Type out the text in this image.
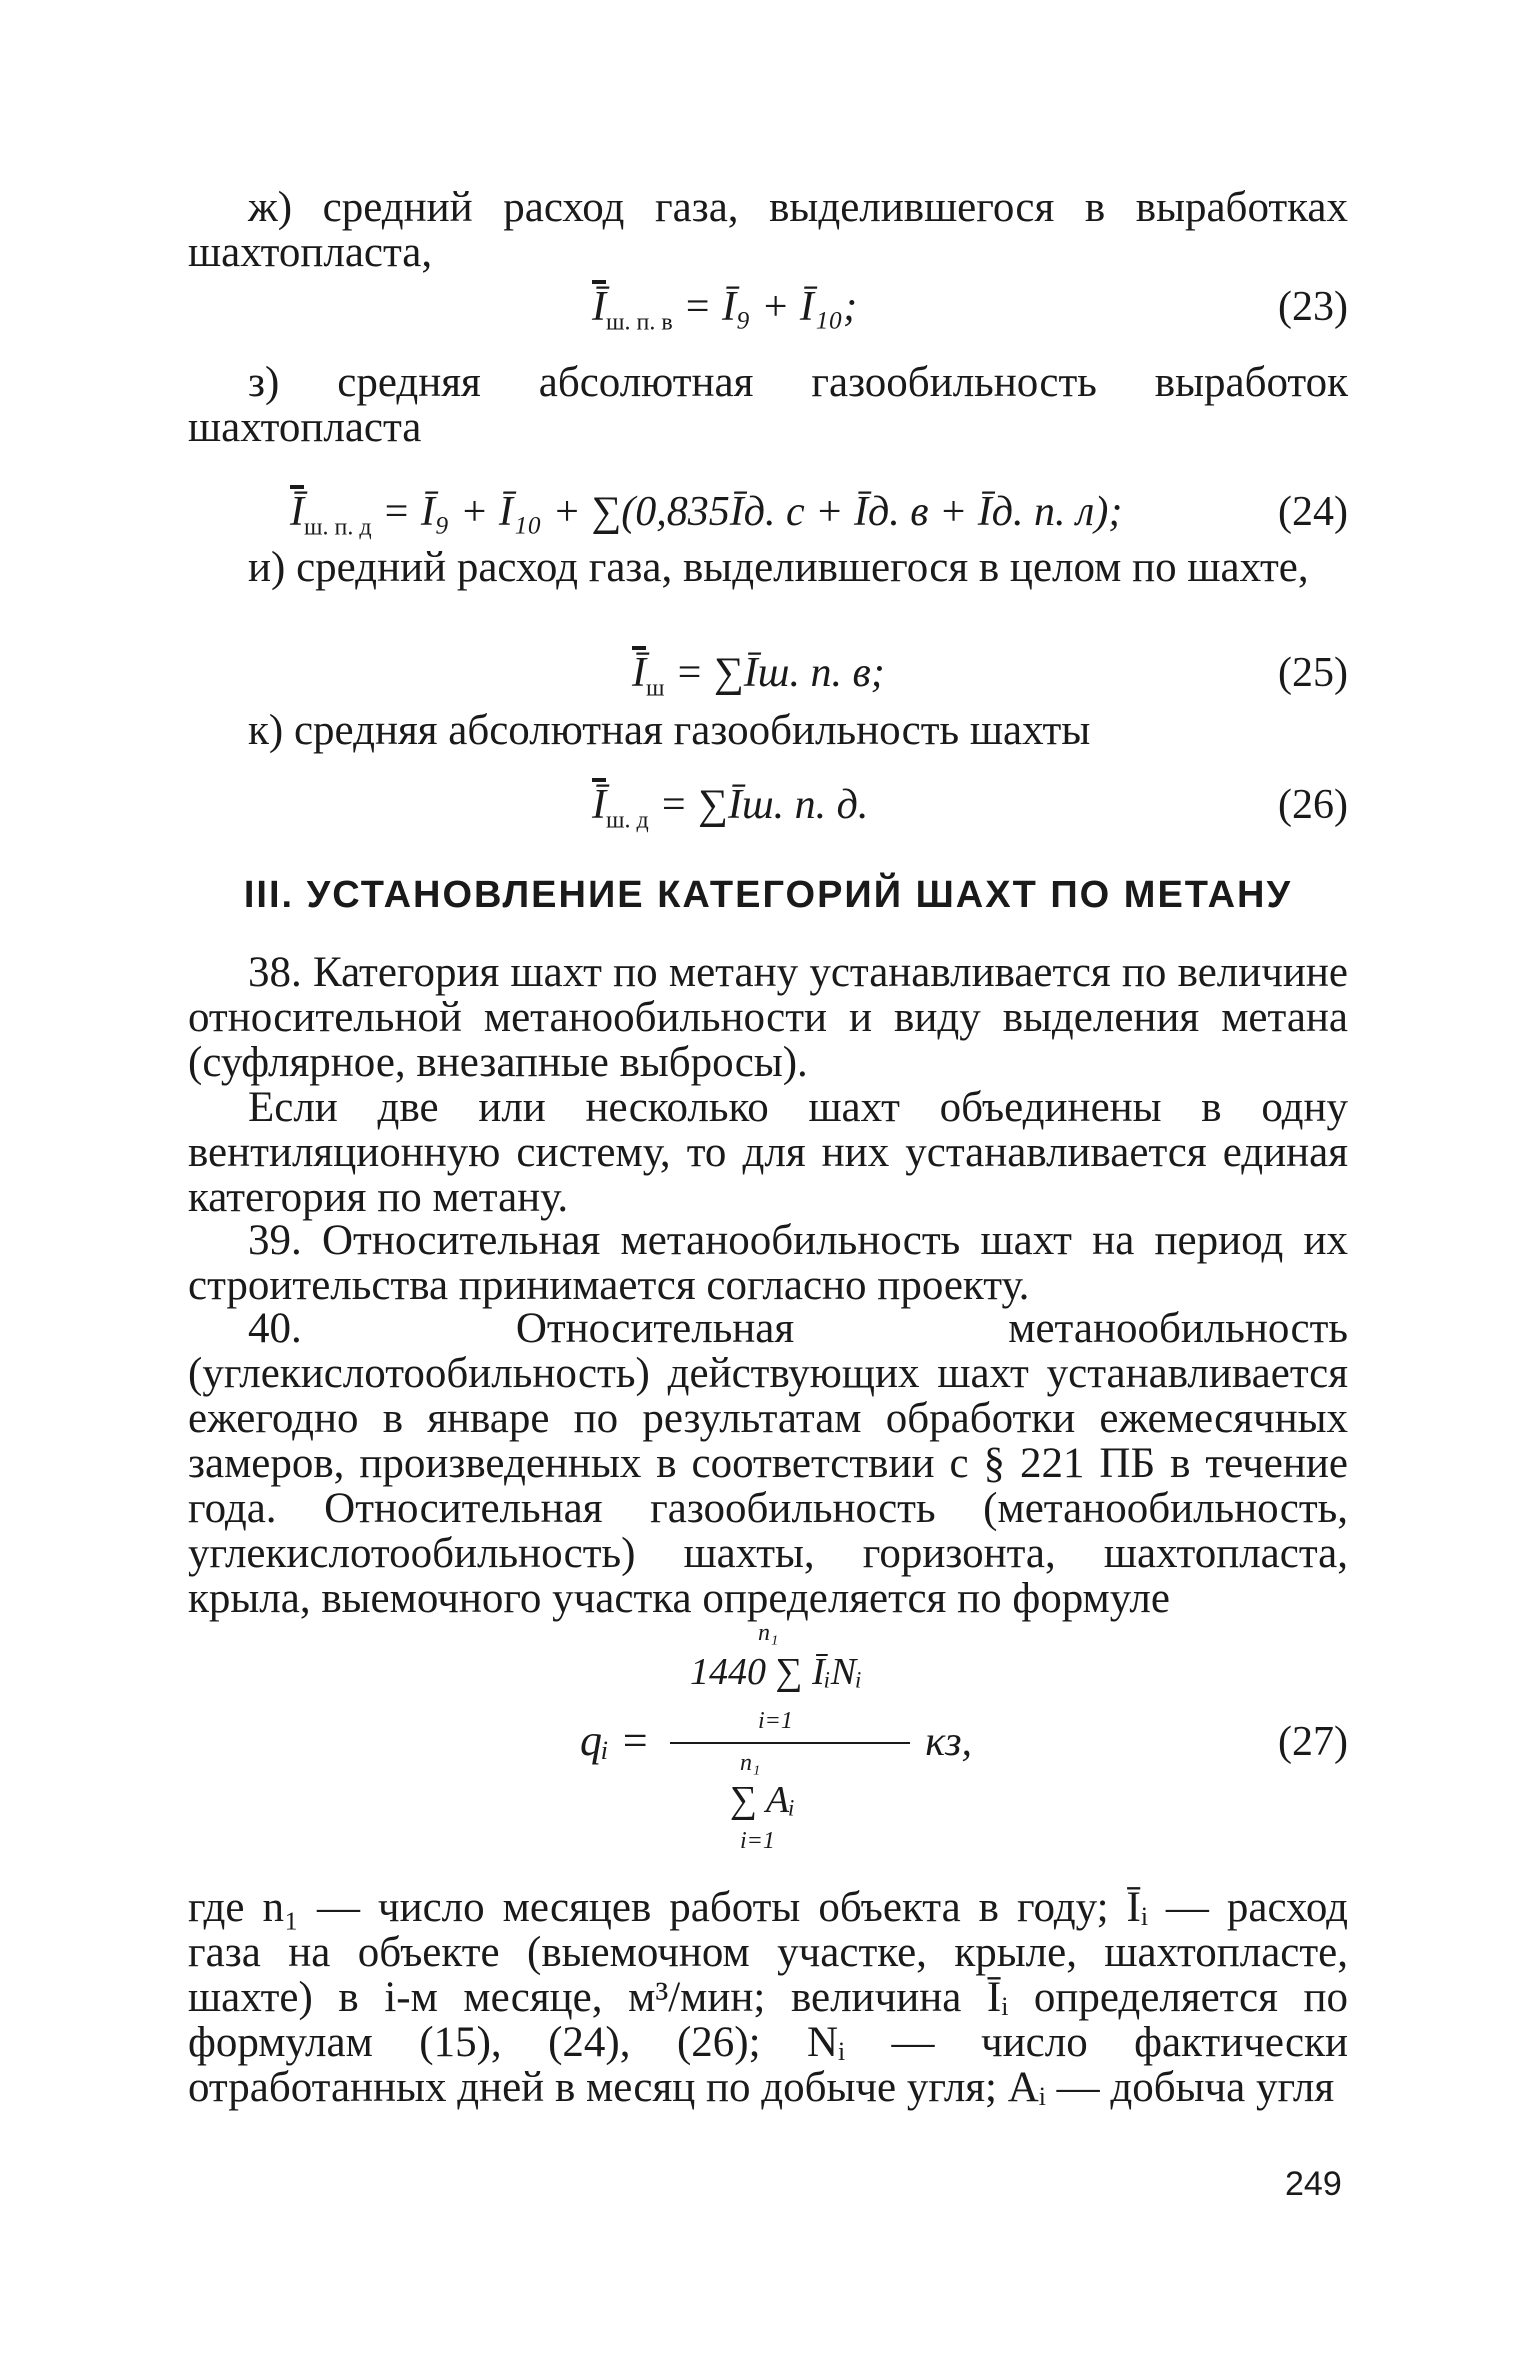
ж) средний расход газа, выделившегося в выработках шахтопласта,
$\overline{Ī}_{ш. п. в}$ = Ī₉ + Ī₁₀;	(23)
з) средняя абсолютная газообильность выработок шахтопласта
$\overline{Ī}_{ш. п. д}$ = Ī₉ + Ī₁₀ + ∑(0,835Īд. с + Īд. в + Īд. п. л);	(24)
и) средний расход газа, выделившегося в целом по шахте,
$\overline{Ī}_ш$ = ∑Īш. п. в;	(25)
к) средняя абсолютная газообильность шахты
$\overline{Ī}_{ш. д}$ = ∑Īш. п. д.	(26)
III. УСТАНОВЛЕНИЕ КАТЕГОРИЙ ШАХТ ПО МЕТАНУ
38. Категория шахт по метану устанавливается по величине относительной метанообильности и виду выделения метана (суфлярное, внезапные выбросы).
Если две или несколько шахт объединены в одну вентиляционную систему, то для них устанавливается единая категория по метану.
39. Относительная метанообильность шахт на период их строительства принимается согласно проекту.
40. Относительная метанообильность (углекислотообильность) действующих шахт устанавливается ежегодно в январе по результатам обработки ежемесячных замеров, произведенных в соответствии с § 221 ПБ в течение года. Относительная газообильность (метанообильность, углекислотообильность) шахты, горизонта, шахтопласта, крыла, выемочного участка определяется по формуле
qᵢ =
n₁
1440 ∑ ĪᵢNᵢ
i=1
n₁
∑ Aᵢ
i=1
κз,	(27)
где n₁ — число месяцев работы объекта в году; Īᵢ — расход газа на объекте (выемочном участке, крыле, шахтопласте, шахте) в i-м месяце, м³/мин; величина Īᵢ определяется по формулам (15), (24), (26); Nᵢ — число фактически отработанных дней в месяц по добыче угля; Aᵢ — добыча угля
249
